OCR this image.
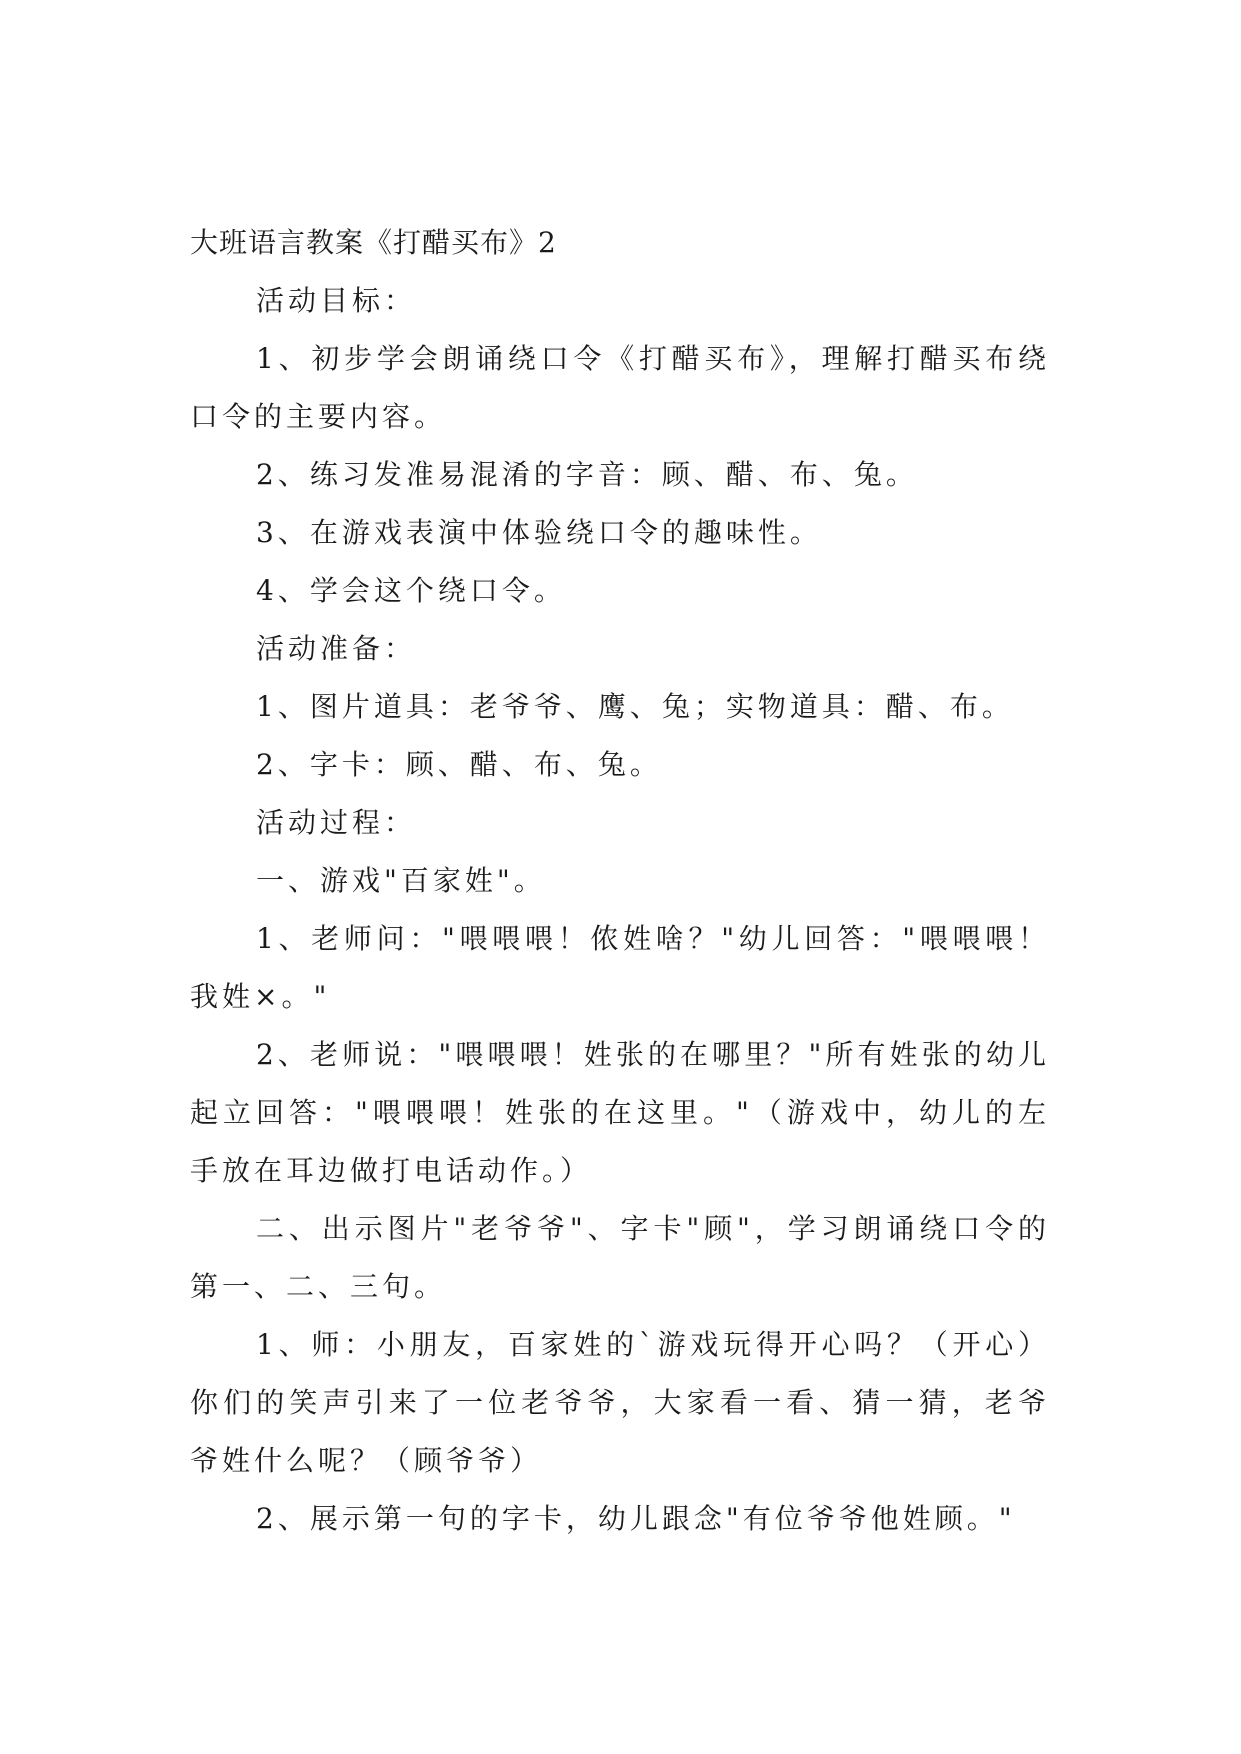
大班语言教案《打醋买布》2

活动目标：

1、初步学会朗诵绕口令《打醋买布》，理解打醋买布绕口令的主要内容。

2、练习发准易混淆的字音：顾、醋、布、兔。

3、在游戏表演中体验绕口令的趣味性。

4、学会这个绕口令。

活动准备：

1、图片道具：老爷爷、鹰、兔；实物道具：醋、布。

2、字卡：顾、醋、布、兔。

活动过程：

一、游戏"百家姓"。

1、老师问："喂喂喂！侬姓啥？"幼儿回答："喂喂喂！我姓×。"

2、老师说："喂喂喂！姓张的在哪里？"所有姓张的幼儿起立回答："喂喂喂！姓张的在这里。"（游戏中，幼儿的左手放在耳边做打电话动作。）

二、出示图片"老爷爷"、字卡"顾"，学习朗诵绕口令的第一、二、三句。

1、师：小朋友，百家姓的`游戏玩得开心吗？（开心）你们的笑声引来了一位老爷爷，大家看一看、猜一猜，老爷爷姓什么呢？（顾爷爷）

2、展示第一句的字卡，幼儿跟念"有位爷爷他姓顾。"
